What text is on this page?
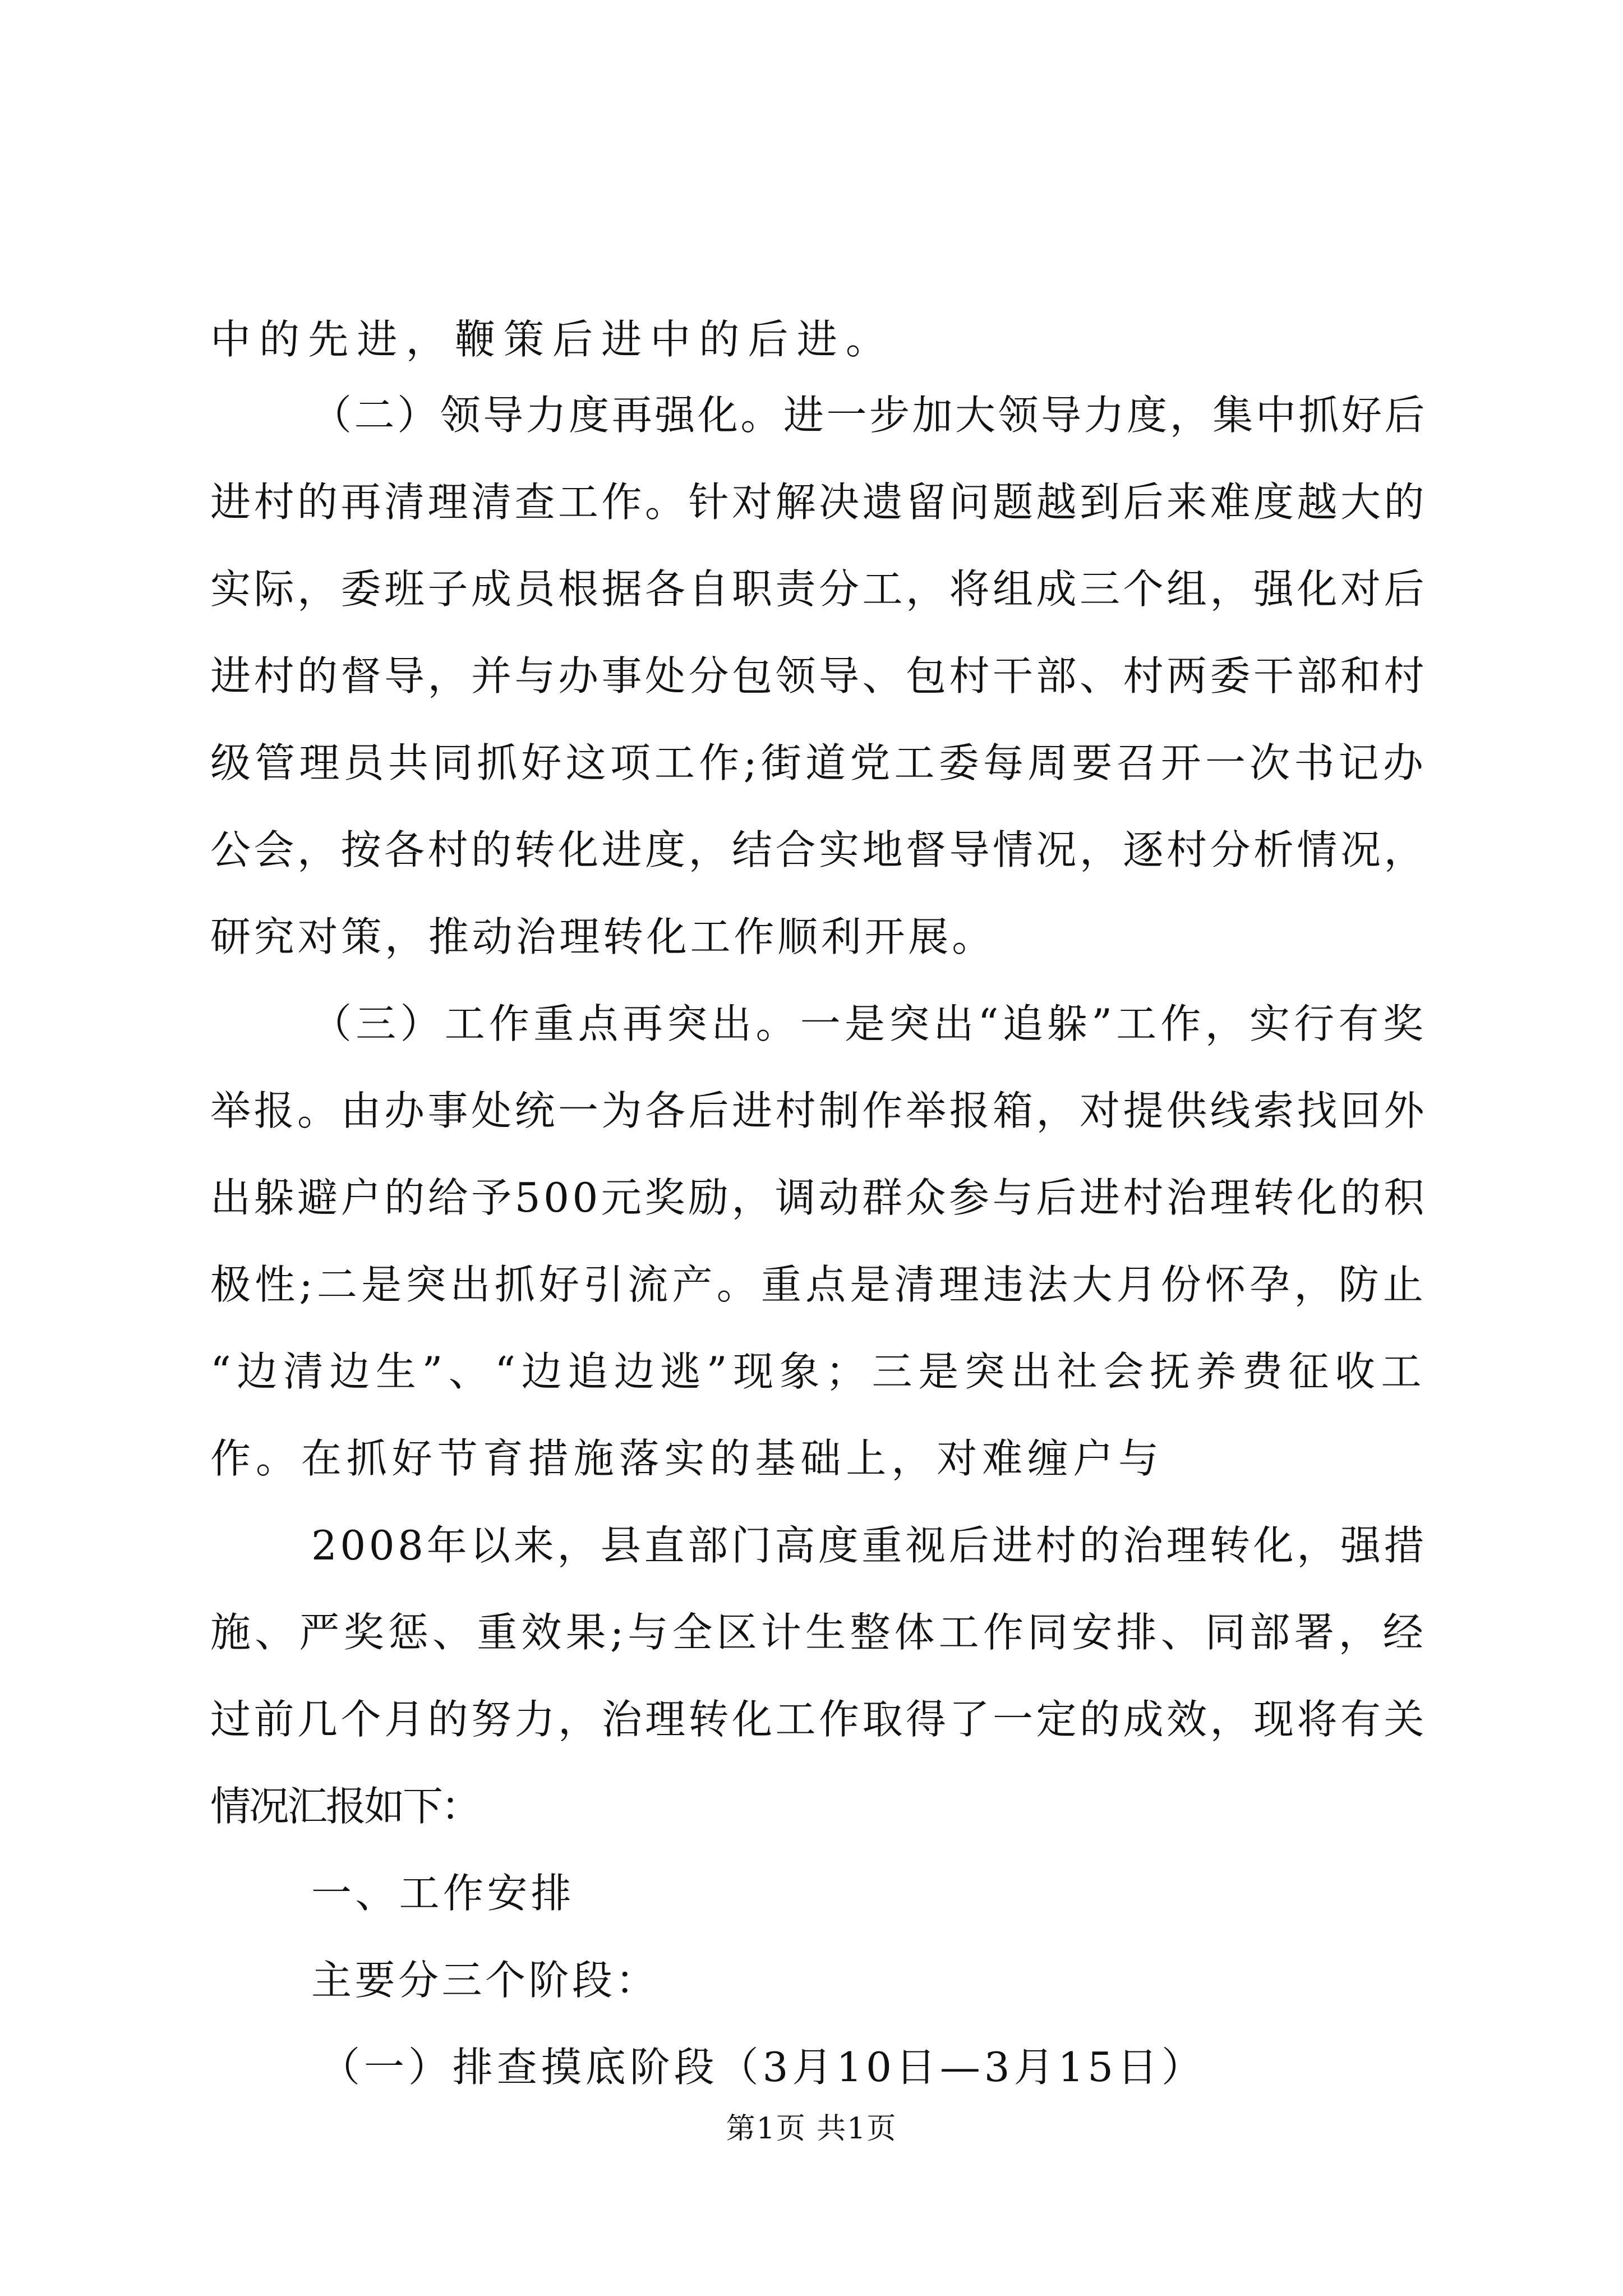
第1页 共1页
中的先进，鞭策后进中的后进。
（二）领导力度再强化。进一步加大领导力度，集中抓好后
进村的再清理清查工作。针对解决遗留问题越到后来难度越大的
实际，委班子成员根据各自职责分工，将组成三个组，强化对后
进村的督导，并与办事处分包领导、包村干部、村两委干部和村
级管理员共同抓好这项工作;街道党工委每周要召开一次书记办
公会，按各村的转化进度，结合实地督导情况，逐村分析情况，
研究对策，推动治理转化工作顺利开展。
（三）工作重点再突出。一是突出“追躲”工作，实行有奖
举报。由办事处统一为各后进村制作举报箱，对提供线索找回外
出躲避户的给予500元奖励，调动群众参与后进村治理转化的积
极性;二是突出抓好引流产。重点是清理违法大月份怀孕，防止
“边清边生”、“边追边逃”现象；三是突出社会抚养费征收工
作。在抓好节育措施落实的基础上，对难缠户与
2008年以来，县直部门高度重视后进村的治理转化，强措
施、严奖惩、重效果;与全区计生整体工作同安排、同部署，经
过前几个月的努力，治理转化工作取得了一定的成效，现将有关
情况汇报如下：
一、工作安排
主要分三个阶段：
（一）排查摸底阶段（3月10日—3月15日）
